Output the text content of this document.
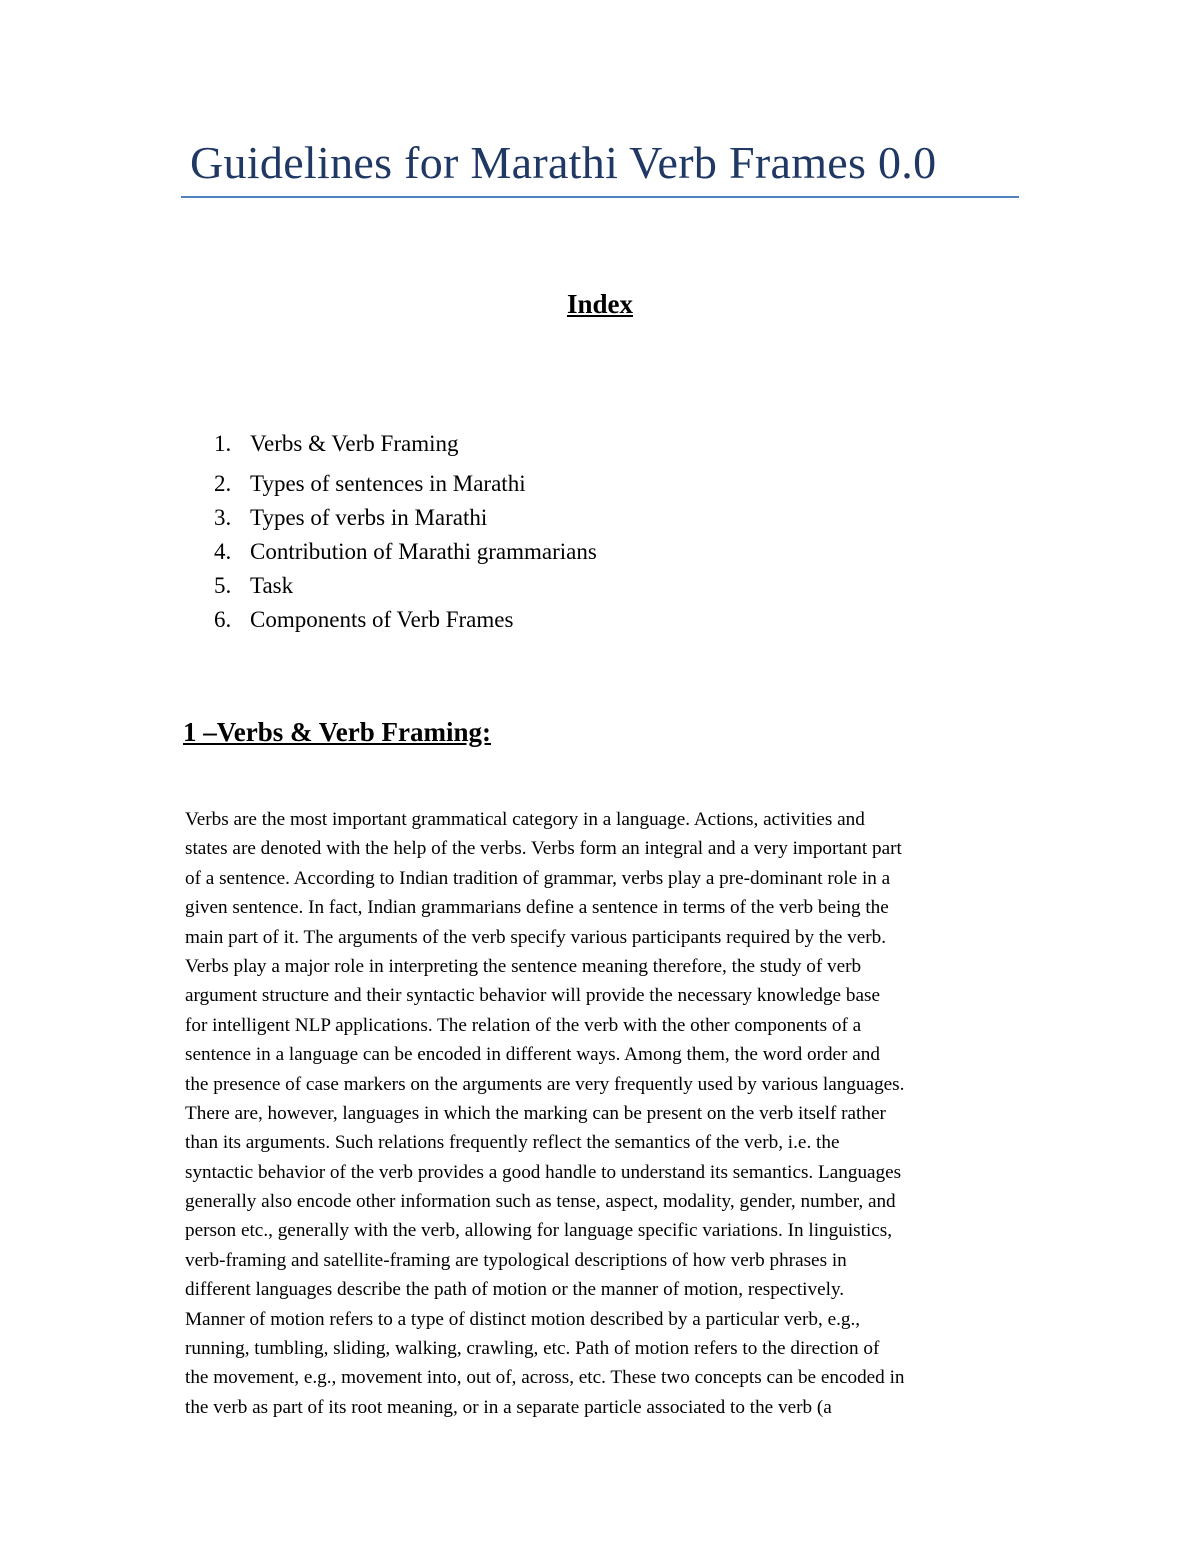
Guidelines for Marathi Verb Frames 0.0
Index
1. Verbs & Verb Framing
2. Types of sentences in Marathi
3. Types of verbs in Marathi
4. Contribution of Marathi grammarians
5. Task
6. Components of Verb Frames
1 –Verbs & Verb Framing:
Verbs are the most important grammatical category in a language. Actions, activities and
states are denoted with the help of the verbs. Verbs form an integral and a very important part
of a sentence. According to Indian tradition of grammar, verbs play a pre-dominant role in a
given sentence. In fact, Indian grammarians define a sentence in terms of the verb being the
main part of it. The arguments of the verb specify various participants required by the verb.
Verbs play a major role in interpreting the sentence meaning therefore, the study of verb
argument structure and their syntactic behavior will provide the necessary knowledge base
for intelligent NLP applications. The relation of the verb with the other components of a
sentence in a language can be encoded in different ways. Among them, the word order and
the presence of case markers on the arguments are very frequently used by various languages.
There are, however, languages in which the marking can be present on the verb itself rather
than its arguments. Such relations frequently reflect the semantics of the verb, i.e. the
syntactic behavior of the verb provides a good handle to understand its semantics. Languages
generally also encode other information such as tense, aspect, modality, gender, number, and
person etc., generally with the verb, allowing for language specific variations. In linguistics,
verb-framing and satellite-framing are typological descriptions of how verb phrases in
different languages describe the path of motion or the manner of motion, respectively.
Manner of motion refers to a type of distinct motion described by a particular verb, e.g.,
running, tumbling, sliding, walking, crawling, etc. Path of motion refers to the direction of
the movement, e.g., movement into, out of, across, etc. These two concepts can be encoded in
the verb as part of its root meaning, or in a separate particle associated to the verb (a
